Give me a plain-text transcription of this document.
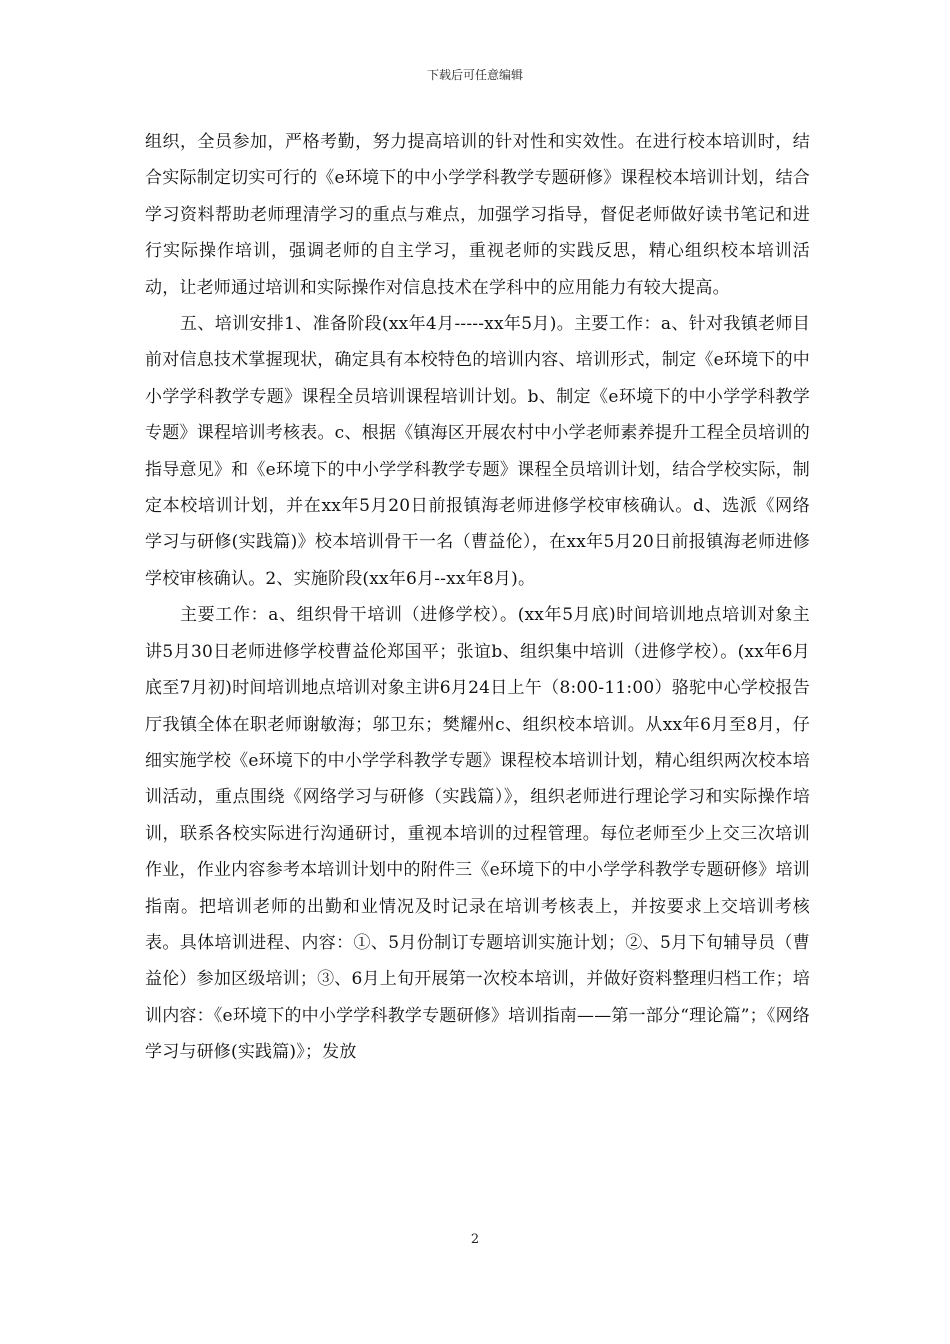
下载后可任意编辑

组织，全员参加，严格考勤，努力提高培训的针对性和实效性。在进行校本培训时，结合实际制定切实可行的《e环境下的中小学学科教学专题研修》课程校本培训计划，结合学习资料帮助老师理清学习的重点与难点，加强学习指导，督促老师做好读书笔记和进行实际操作培训，强调老师的自主学习，重视老师的实践反思，精心组织校本培训活动，让老师通过培训和实际操作对信息技术在学科中的应用能力有较大提高。

五、培训安排1、准备阶段(xx年4月-----xx年5月)。主要工作：a、针对我镇老师目前对信息技术掌握现状，确定具有本校特色的培训内容、培训形式，制定《e环境下的中小学学科教学专题》课程全员培训课程培训计划。b、制定《e环境下的中小学学科教学专题》课程培训考核表。c、根据《镇海区开展农村中小学老师素养提升工程全员培训的指导意见》和《e环境下的中小学学科教学专题》课程全员培训计划，结合学校实际，制定本校培训计划，并在xx年5月20日前报镇海老师进修学校审核确认。d、选派《网络学习与研修(实践篇)》校本培训骨干一名（曹益伦），在xx年5月20日前报镇海老师进修学校审核确认。2、实施阶段(xx年6月--xx年8月)。

主要工作：a、组织骨干培训（进修学校）。(xx年5月底)时间培训地点培训对象主讲5月30日老师进修学校曹益伦郑国平；张谊b、组织集中培训（进修学校）。(xx年6月底至7月初)时间培训地点培训对象主讲6月24日上午（8:00-11:00）骆驼中心学校报告厅我镇全体在职老师谢敏海；邬卫东；樊耀州c、组织校本培训。从xx年6月至8月，仔细实施学校《e环境下的中小学学科教学专题》课程校本培训计划，精心组织两次校本培训活动，重点围绕《网络学习与研修（实践篇）》，组织老师进行理论学习和实际操作培训，联系各校实际进行沟通研讨，重视本培训的过程管理。每位老师至少上交三次培训作业，作业内容参考本培训计划中的附件三《e环境下的中小学学科教学专题研修》培训指南。把培训老师的出勤和业情况及时记录在培训考核表上，并按要求上交培训考核表。具体培训进程、内容：①、5月份制订专题培训实施计划；②、5月下旬辅导员（曹益伦）参加区级培训；③、6月上旬开展第一次校本培训，并做好资料整理归档工作；培训内容：《e环境下的中小学学科教学专题研修》培训指南——第一部分“理论篇”；《网络学习与研修(实践篇)》；发放

2
